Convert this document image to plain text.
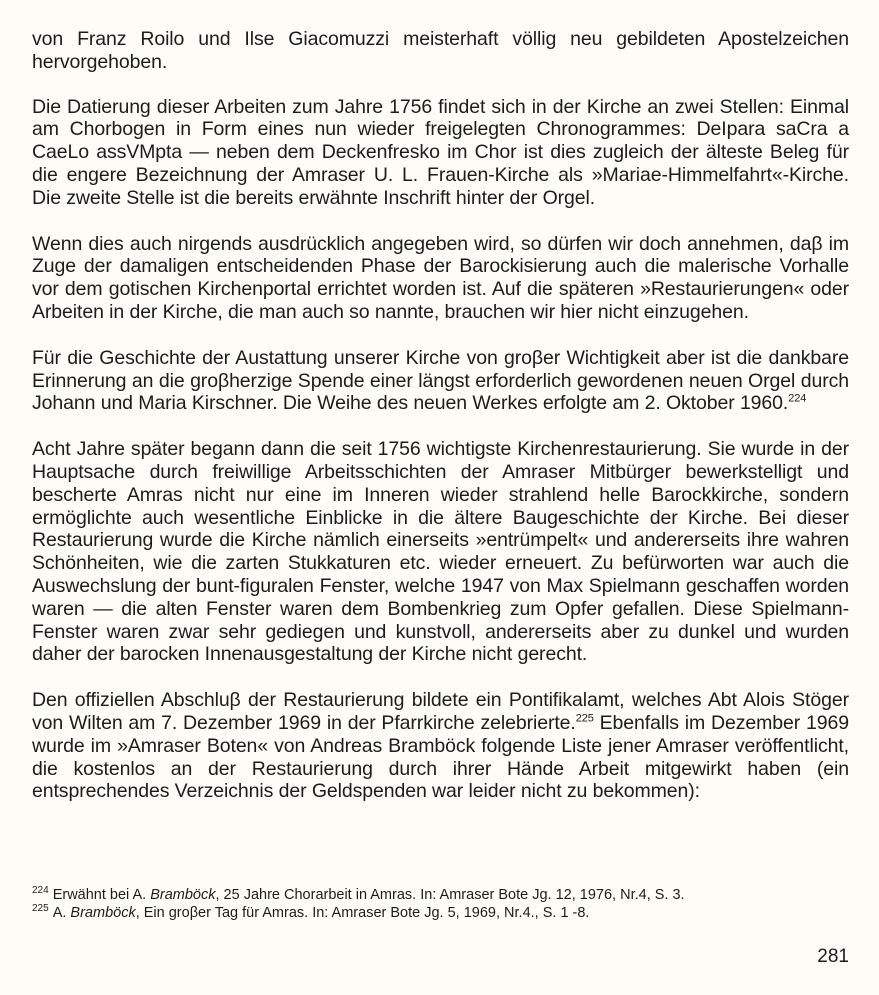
von Franz Roilo und Ilse Giacomuzzi meisterhaft völlig neu gebildeten Apostelzeichen hervorgehoben.

Die Datierung dieser Arbeiten zum Jahre 1756 findet sich in der Kirche an zwei Stellen: Einmal am Chorbogen in Form eines nun wieder freigelegten Chronogrammes: DeIpara saCra a CaeLo assVMpta — neben dem Deckenfresko im Chor ist dies zugleich der älteste Beleg für die engere Bezeichnung der Amraser U. L. Frauen-Kirche als »Mariae-Himmelfahrt«-Kirche. Die zweite Stelle ist die bereits erwähnte Inschrift hinter der Orgel.

Wenn dies auch nirgends ausdrücklich angegeben wird, so dürfen wir doch annehmen, daβ im Zuge der damaligen entscheidenden Phase der Barockisierung auch die malerische Vorhalle vor dem gotischen Kirchenportal errichtet worden ist. Auf die späteren »Restaurierungen« oder Arbeiten in der Kirche, die man auch so nannte, brauchen wir hier nicht einzugehen.

Für die Geschichte der Austattung unserer Kirche von groβer Wichtigkeit aber ist die dankbare Erinnerung an die groβherzige Spende einer längst erforderlich gewordenen neuen Orgel durch Johann und Maria Kirschner. Die Weihe des neuen Werkes erfolgte am 2. Oktober 1960.$^{224}$

Acht Jahre später begann dann die seit 1756 wichtigste Kirchenrestaurierung. Sie wurde in der Hauptsache durch freiwillige Arbeitsschichten der Amraser Mitbürger bewerkstelligt und bescherte Amras nicht nur eine im Inneren wieder strahlend helle Barockkirche, sondern ermöglichte auch wesentliche Einblicke in die ältere Baugeschichte der Kirche. Bei dieser Restaurierung wurde die Kirche nämlich einerseits »entrümpelt« und andererseits ihre wahren Schönheiten, wie die zarten Stukkaturen etc. wieder erneuert. Zu befürworten war auch die Auswechslung der bunt-figuralen Fenster, welche 1947 von Max Spielmann geschaffen worden waren — die alten Fenster waren dem Bombenkrieg zum Opfer gefallen. Diese Spielmann-Fenster waren zwar sehr gediegen und kunstvoll, andererseits aber zu dunkel und wurden daher der barocken Innenausgestaltung der Kirche nicht gerecht.

Den offiziellen Abschluβ der Restaurierung bildete ein Pontifikalamt, welches Abt Alois Stöger von Wilten am 7. Dezember 1969 in der Pfarrkirche zelebrierte.$^{225}$ Ebenfalls im Dezember 1969 wurde im »Amraser Boten« von Andreas Bramböck folgende Liste jener Amraser veröffentlicht, die kostenlos an der Restaurierung durch ihrer Hände Arbeit mitgewirkt haben (ein entsprechendes Verzeichnis der Geldspenden war leider nicht zu bekommen):

$^{224}$ Erwähnt bei A. Bramböck, 25 Jahre Chorarbeit in Amras. In: Amraser Bote Jg. 12, 1976, Nr.4, S. 3.

$^{225}$ A. Bramböck, Ein groβer Tag für Amras. In: Amraser Bote Jg. 5, 1969, Nr.4., S. 1 -8.

281
